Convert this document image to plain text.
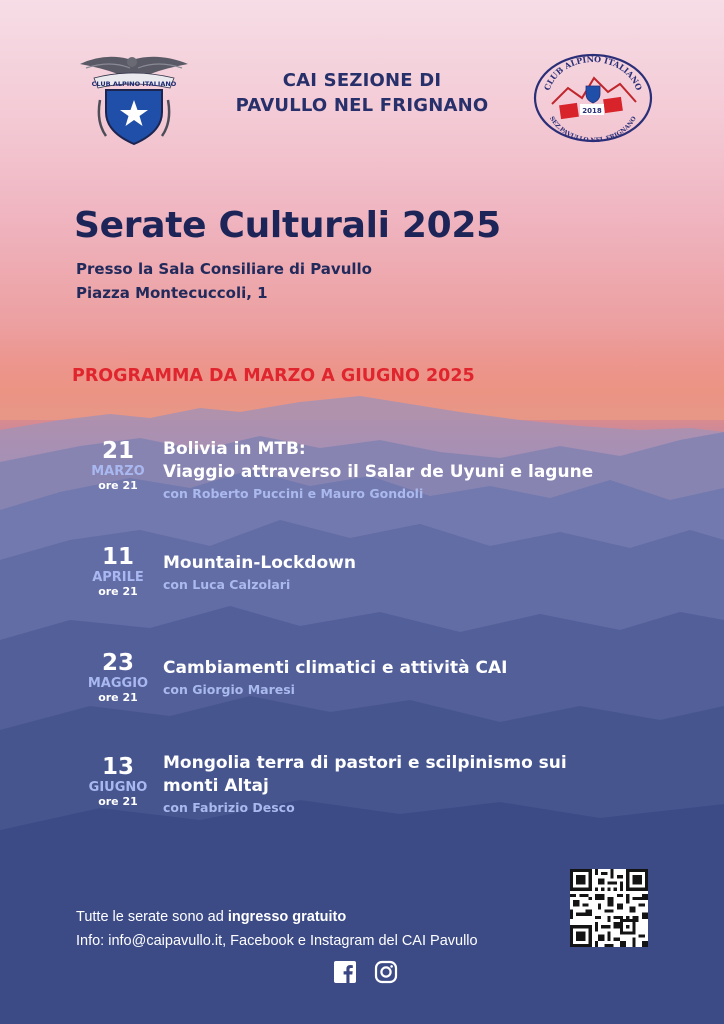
CLUB ALPINO ITALIANO	CAI SEZIONE DI
PAVULLO NEL FRIGNANO
CLUB ALPINO ITALIANO
SEZ.PAVULLO NEL FRIGNANO
2018
Serate Culturali 2025
Presso la Sala Consiliare di Pavullo
Piazza Montecuccoli, 1
PROGRAMMA DA MARZO A GIUGNO 2025
21
MARZO
ore 21
Bolivia in MTB:
Viaggio attraverso il Salar de Uyuni e lagune
con Roberto Puccini e Mauro Gondoli
11
APRILE
ore 21
Mountain-Lockdown
con Luca Calzolari
23
MAGGIO
ore 21
Cambiamenti climatici e attività CAI
con Giorgio Maresi
13
GIUGNO
ore 21
Mongolia terra di pastori e scilpinismo sui
monti Altaj
con Fabrizio Desco
Tutte le serate sono ad ingresso gratuito
Info: info@caipavullo.it, Facebook e Instagram del CAI Pavullo
